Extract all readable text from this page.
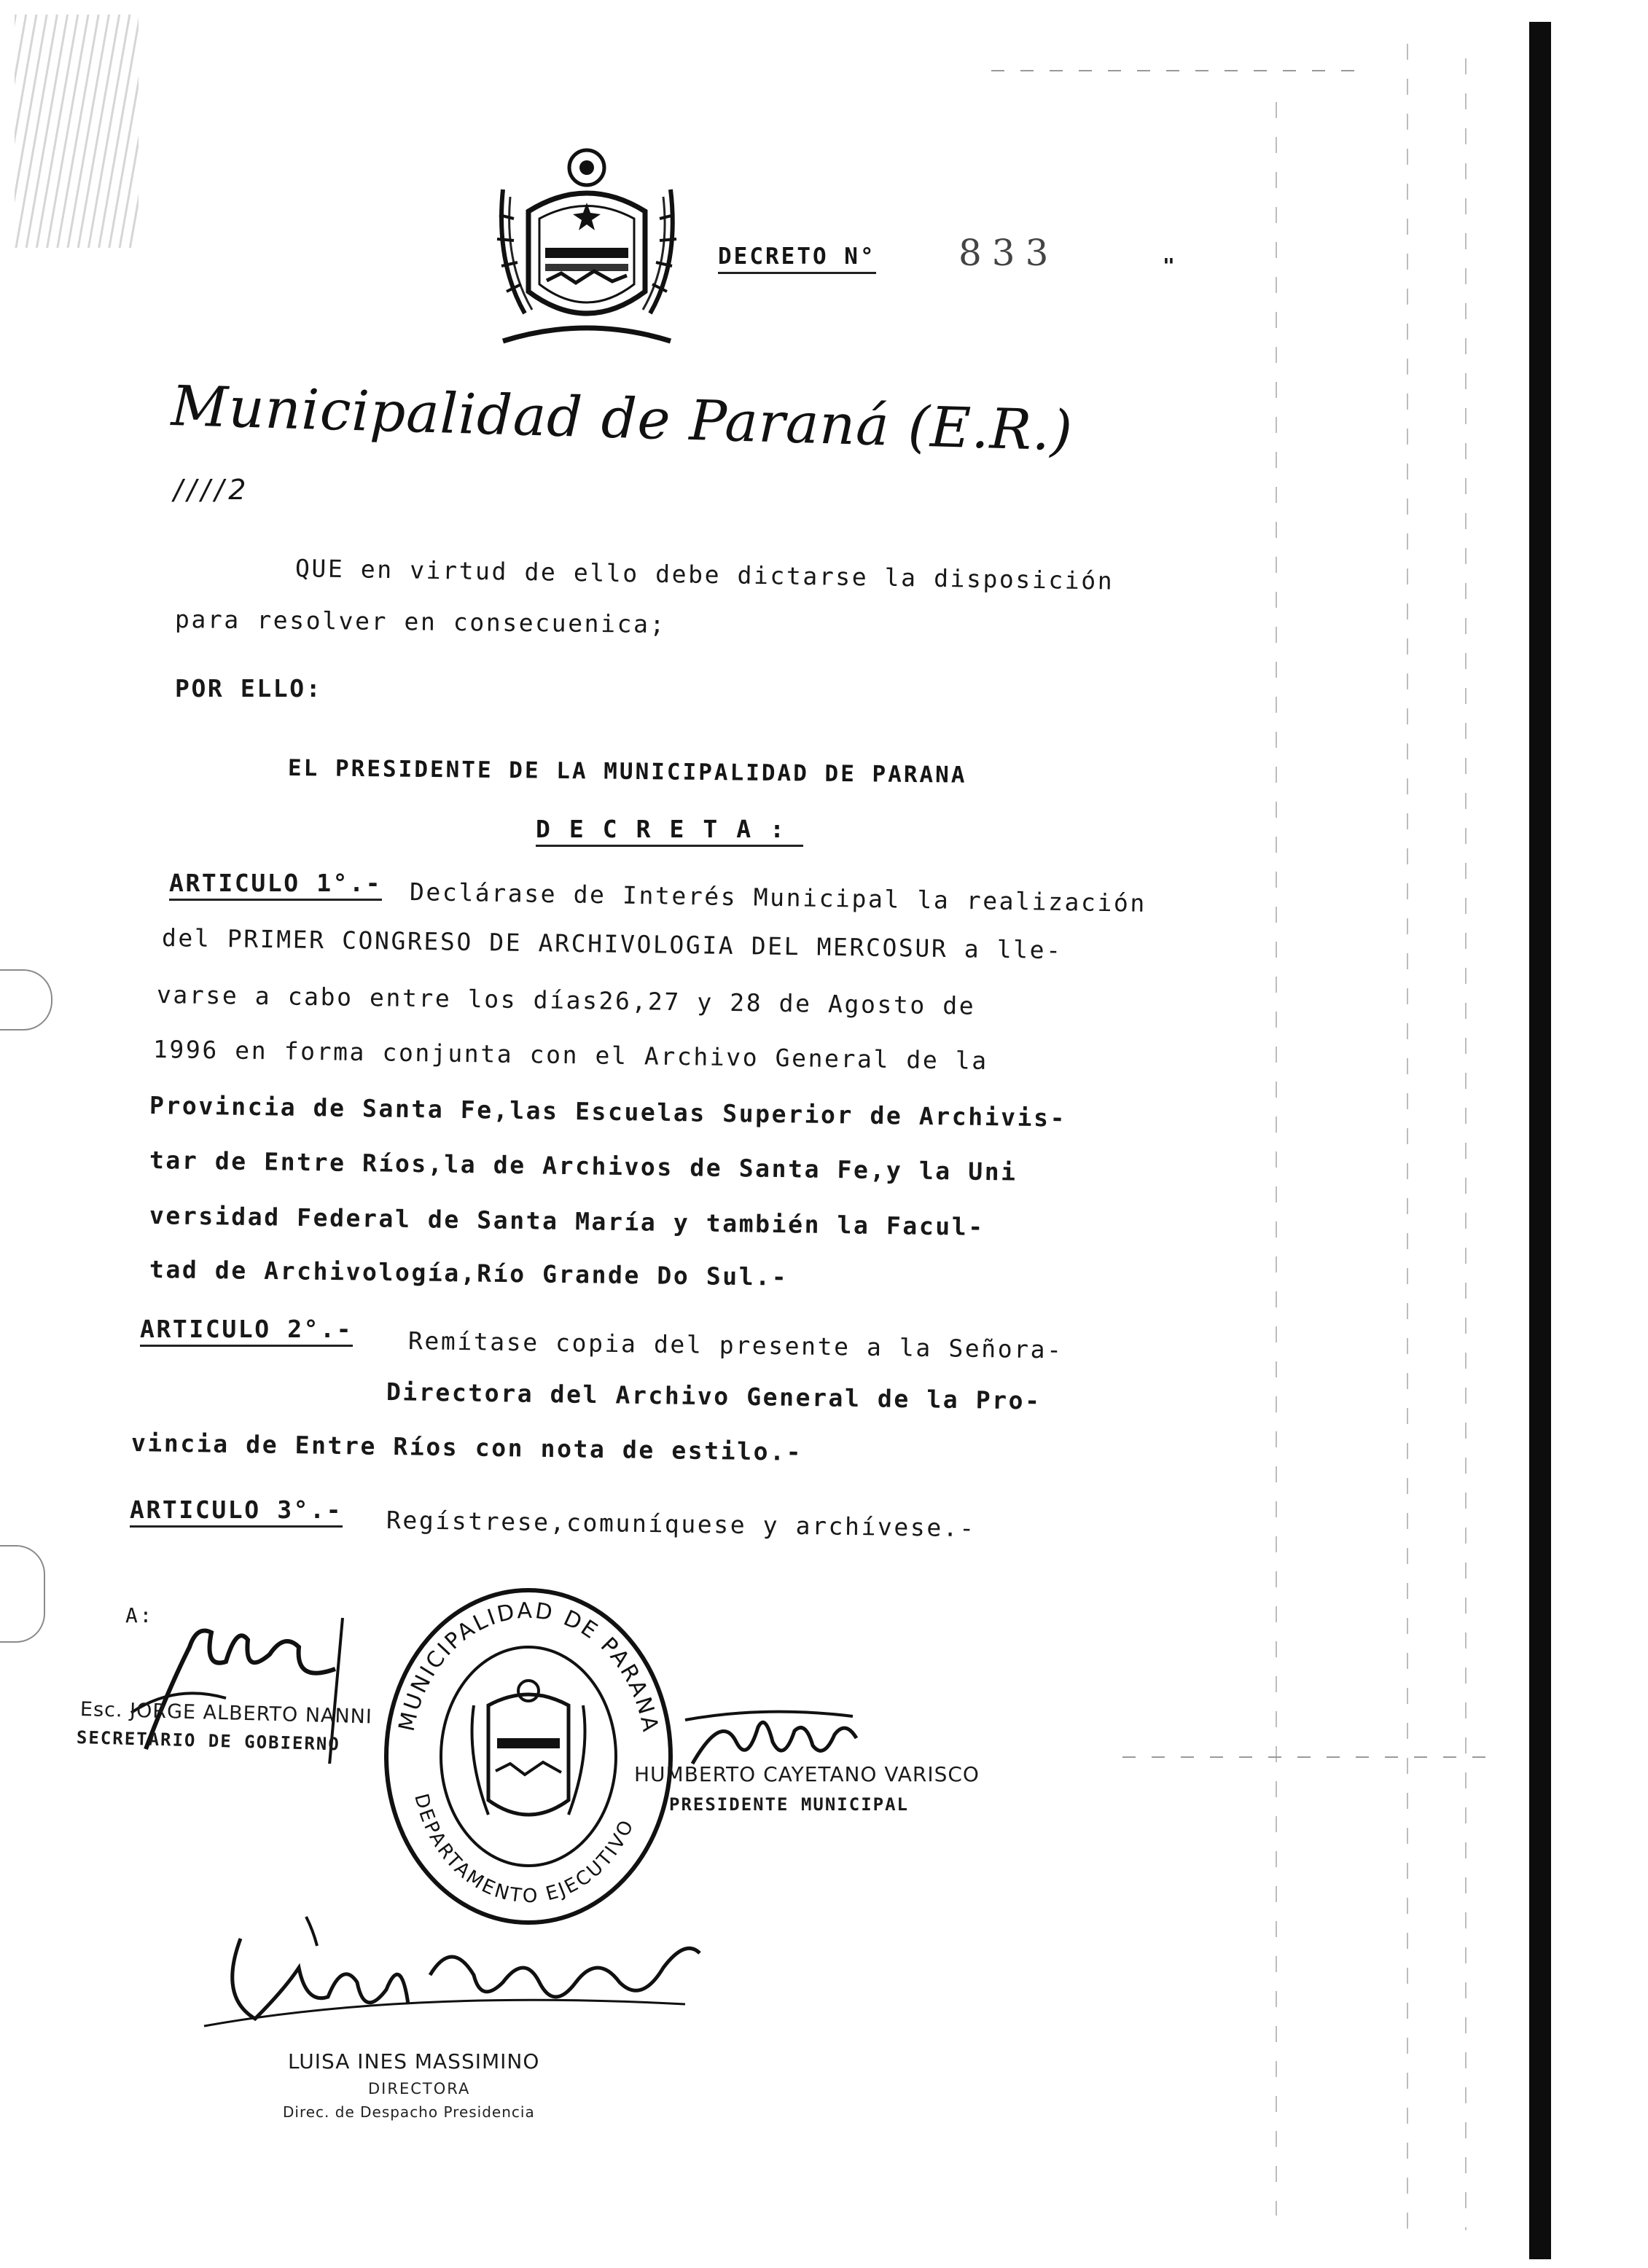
DECRETO N° 833	"
Municipalidad de Paraná (E.R.)
////2
QUE en virtud de ello debe dictarse la disposición
para resolver en consecuenica;
POR ELLO:
EL PRESIDENTE DE LA MUNICIPALIDAD DE PARANA
DECRETA:
ARTICULO 1°.- Declárase de Interés Municipal la realización
del PRIMER CONGRESO DE ARCHIVOLOGIA DEL MERCOSUR a lle-
varse a cabo entre los días26,27 y 28 de Agosto de
1996 en forma conjunta con el Archivo General de la
Provincia de Santa Fe,las Escuelas Superior de Archivis-
tar de Entre Ríos,la de Archivos de Santa Fe,y la Uni
versidad Federal de Santa María y también la Facul-
tad de Archivología,Río Grande Do Sul.-
ARTICULO 2°.- Remítase copia del presente a la Señora-
Directora del Archivo General de la Pro-
vincia de Entre Ríos con nota de estilo.-
ARTICULO 3°.- Regístrese,comuníquese y archívese.-
A:
Esc. JORGE ALBERTO NANNI
SECRETARIO DE GOBIERNO
MUNICIPALIDAD DE PARANA
DEPARTAMENTO EJECUTIVO
HUMBERTO CAYETANO VARISCO
PRESIDENTE MUNICIPAL
LUISA INES MASSIMINO
DIRECTORA
Direc. de Despacho Presidencia
